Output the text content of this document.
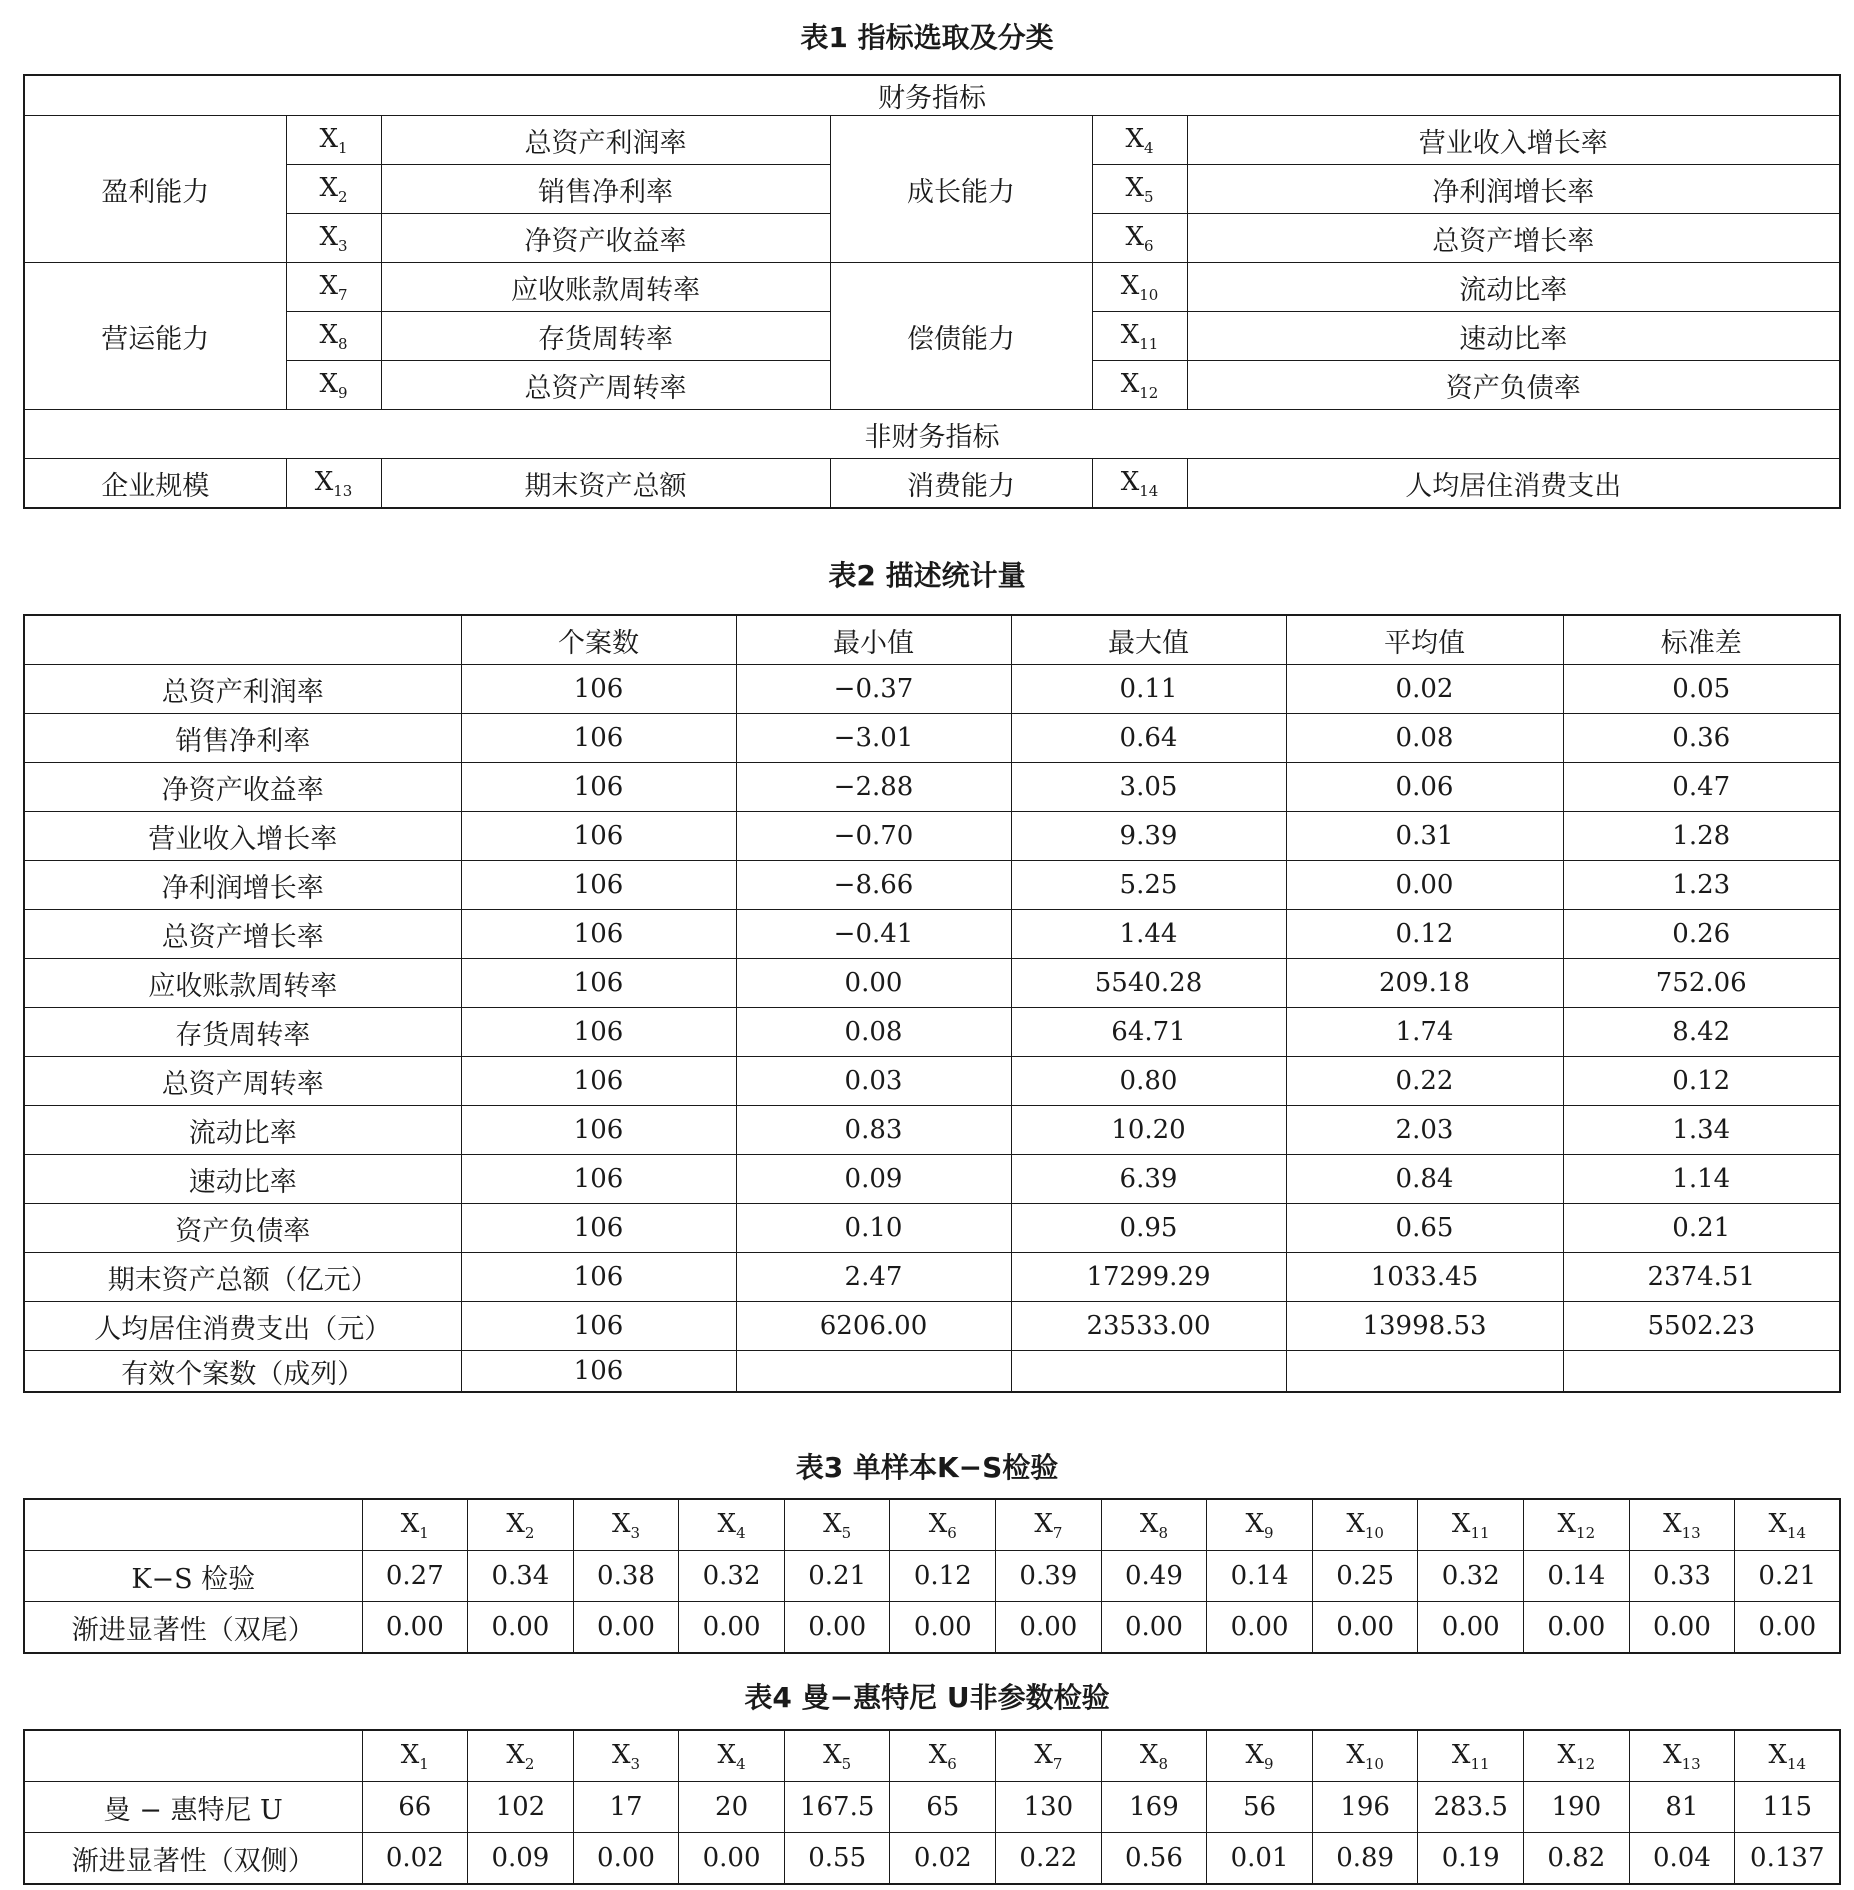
表1 指标选取及分类
财务指标					
盈利能力	$X_1$	总资产利润率	成长能力	$X_4$	营业收入增长率
	$X_2$	销售净利率		$X_5$	净利润增长率
	$X_3$	净资产收益率		$X_6$	总资产增长率
营运能力	$X_7$	应收账款周转率	偿债能力	$X_{10}$	流动比率
	$X_8$	存货周转率		$X_{11}$	速动比率
	$X_9$	总资产周转率		$X_{12}$	资产负债率
非财务指标					
企业规模	$X_{13}$	期末资产总额	消费能力	$X_{14}$	人均居住消费支出
表2 描述统计量
	个案数	最小值	最大值	平均值	标准差
总资产利润率	106	−0.37	0.11	0.02	0.05
销售净利率	106	−3.01	0.64	0.08	0.36
净资产收益率	106	−2.88	3.05	0.06	0.47
营业收入增长率	106	−0.70	9.39	0.31	1.28
净利润增长率	106	−8.66	5.25	0.00	1.23
总资产增长率	106	−0.41	1.44	0.12	0.26
应收账款周转率	106	0.00	5540.28	209.18	752.06
存货周转率	106	0.08	64.71	1.74	8.42
总资产周转率	106	0.03	0.80	0.22	0.12
流动比率	106	0.83	10.20	2.03	1.34
速动比率	106	0.09	6.39	0.84	1.14
资产负债率	106	0.10	0.95	0.65	0.21
期末资产总额（亿元）	106	2.47	17299.29	1033.45	2374.51
人均居住消费支出（元）	106	6206.00	23533.00	13998.53	5502.23
有效个案数（成列）	106				
表3 单样本K−S检验
	$X_1$	$X_2$	$X_3$	$X_4$	$X_5$	$X_6$	$X_7$	$X_8$	$X_9$	$X_{10}$	$X_{11}$	$X_{12}$	$X_{13}$	$X_{14}$
K−S 检验	0.27	0.34	0.38	0.32	0.21	0.12	0.39	0.49	0.14	0.25	0.32	0.14	0.33	0.21
渐进显著性（双尾）	0.00	0.00	0.00	0.00	0.00	0.00	0.00	0.00	0.00	0.00	0.00	0.00	0.00	0.00
表4 曼−惠特尼 U非参数检验
	$X_1$	$X_2$	$X_3$	$X_4$	$X_5$	$X_6$	$X_7$	$X_8$	$X_9$	$X_{10}$	$X_{11}$	$X_{12}$	$X_{13}$	$X_{14}$
曼 − 惠特尼 U	66	102	17	20	167.5	65	130	169	56	196	283.5	190	81	115
渐进显著性（双侧）	0.02	0.09	0.00	0.00	0.55	0.02	0.22	0.56	0.01	0.89	0.19	0.82	0.04	0.137
